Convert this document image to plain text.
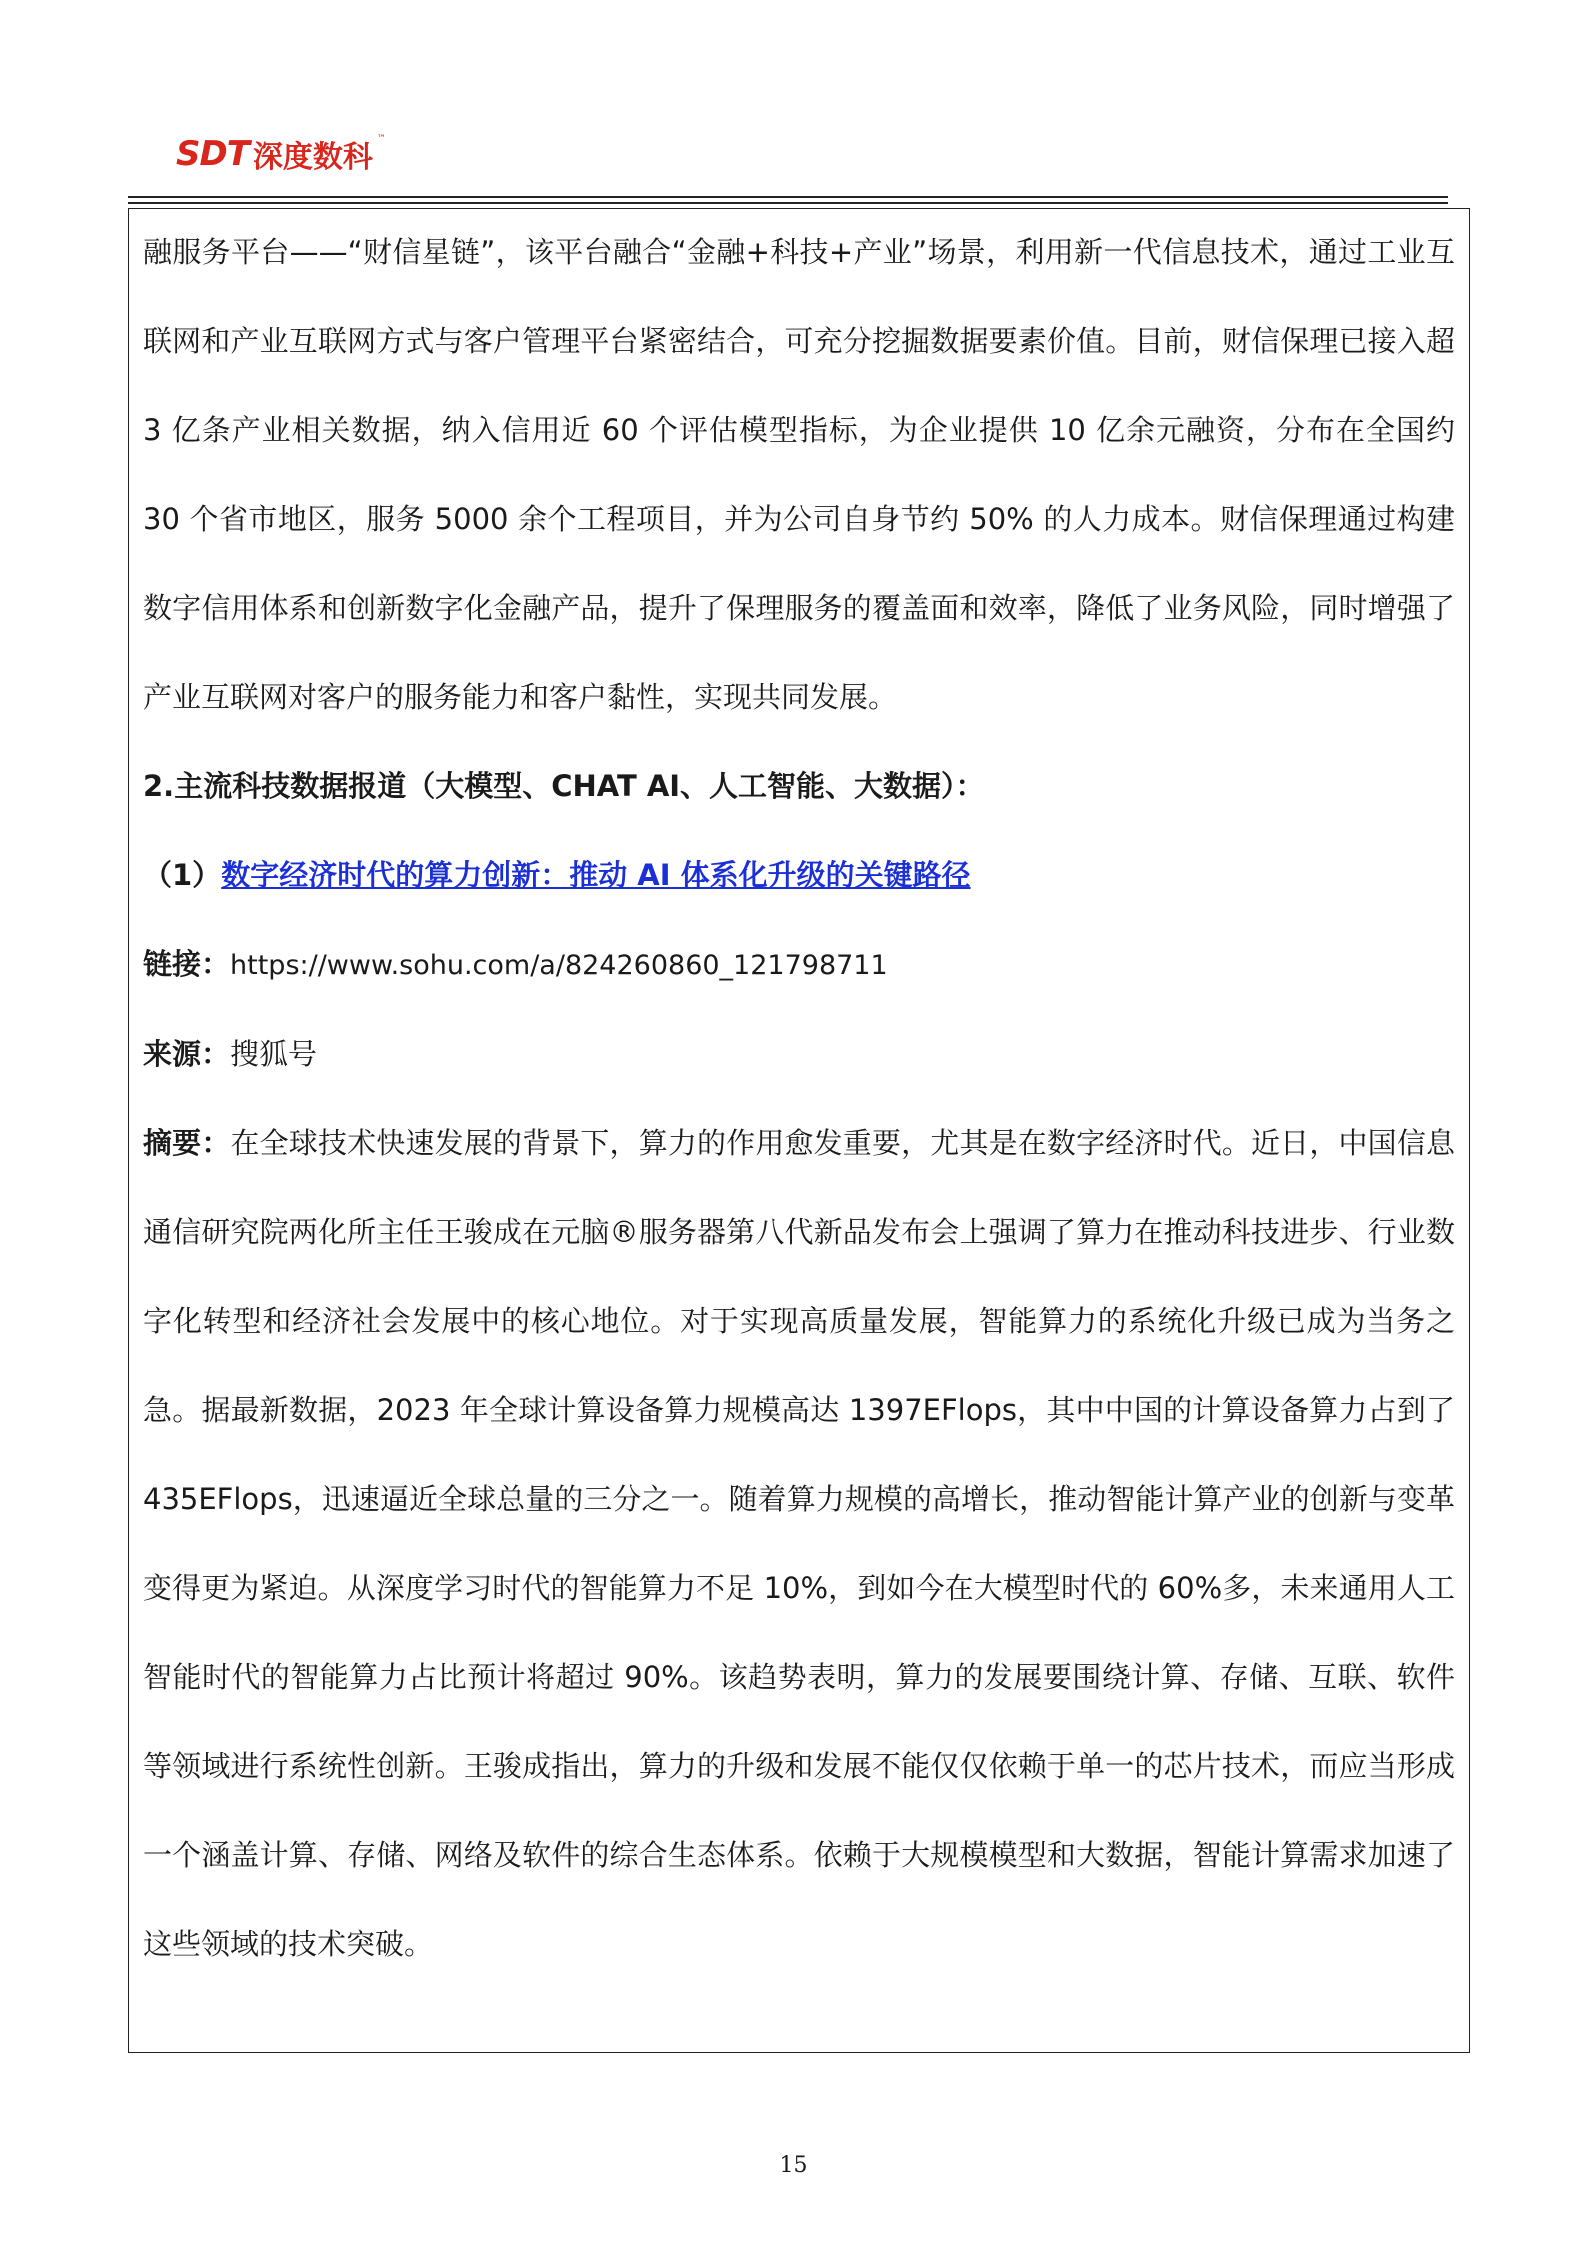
SDT 深度数科
™

融服务平台——“财信星链”，该平台融合“金融+科技+产业”场景，利用新一代信息技术，通过工业互联网和产业互联网方式与客户管理平台紧密结合，可充分挖掘数据要素价值。目前，财信保理已接入超 3 亿条产业相关数据，纳入信用近 60 个评估模型指标，为企业提供 10 亿余元融资，分布在全国约 30 个省市地区，服务 5000 余个工程项目，并为公司自身节约 50% 的人力成本。财信保理通过构建数字信用体系和创新数字化金融产品，提升了保理服务的覆盖面和效率，降低了业务风险，同时增强了产业互联网对客户的服务能力和客户黏性，实现共同发展。

2.主流科技数据报道（大模型、CHAT AI、人工智能、大数据）：

（1）数字经济时代的算力创新：推动 AI 体系化升级的关键路径

链接：https://www.sohu.com/a/824260860_121798711

来源：搜狐号

摘要：在全球技术快速发展的背景下，算力的作用愈发重要，尤其是在数字经济时代。近日，中国信息通信研究院两化所主任王骏成在元脑®服务器第八代新品发布会上强调了算力在推动科技进步、行业数字化转型和经济社会发展中的核心地位。对于实现高质量发展，智能算力的系统化升级已成为当务之急。据最新数据，2023 年全球计算设备算力规模高达 1397EFlops，其中中国的计算设备算力占到了 435EFlops，迅速逼近全球总量的三分之一。随着算力规模的高增长，推动智能计算产业的创新与变革变得更为紧迫。从深度学习时代的智能算力不足 10%，到如今在大模型时代的 60%多，未来通用人工智能时代的智能算力占比预计将超过 90%。该趋势表明，算力的发展要围绕计算、存储、互联、软件等领域进行系统性创新。王骏成指出，算力的升级和发展不能仅仅依赖于单一的芯片技术，而应当形成一个涵盖计算、存储、网络及软件的综合生态体系。依赖于大规模模型和大数据，智能计算需求加速了这些领域的技术突破。

15
